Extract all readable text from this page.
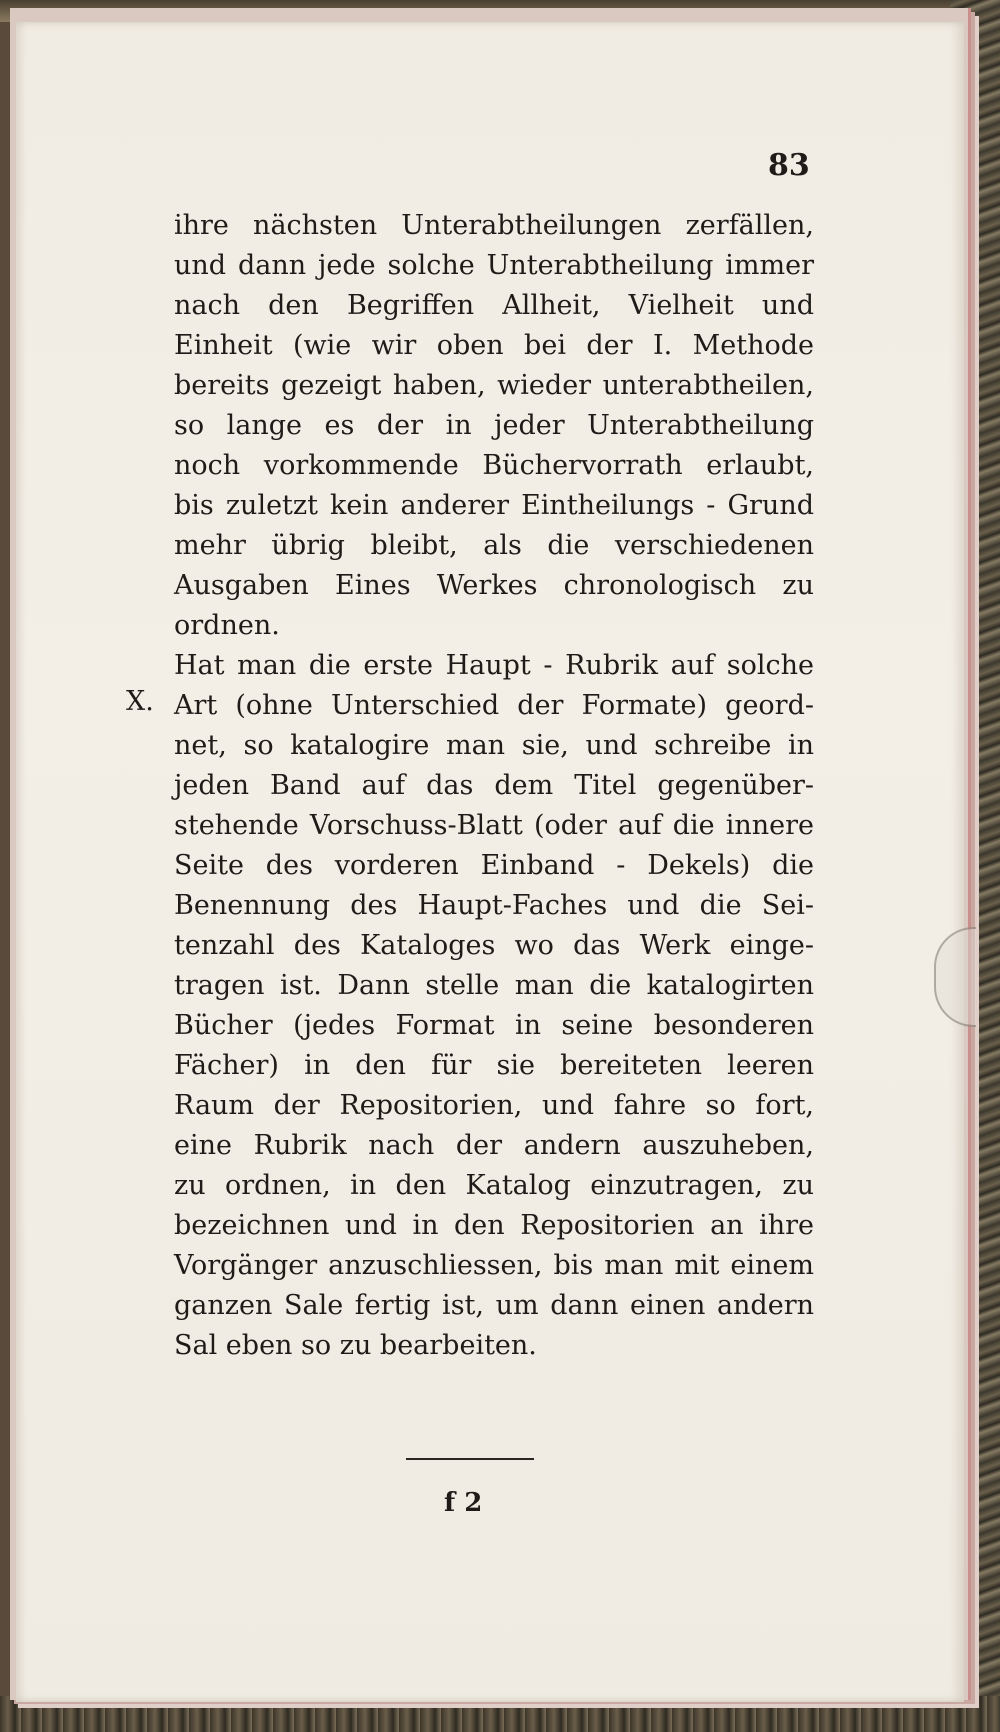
83
X.
ihre nächsten Unterabtheilungen zerfällen,
und dann jede solche Unterabtheilung immer
nach den Begriffen Allheit, Vielheit und
Einheit (wie wir oben bei der I. Methode
bereits gezeigt haben, wieder unterabtheilen,
so lange es der in jeder Unterabtheilung
noch vorkommende Büchervorrath erlaubt,
bis zuletzt kein anderer Eintheilungs - Grund
mehr übrig bleibt, als die verschiedenen
Ausgaben Eines Werkes chronologisch zu
ordnen.
Hat man die erste Haupt - Rubrik auf solche
Art (ohne Unterschied der Formate) geord-
net, so katalogire man sie, und schreibe in
jeden Band auf das dem Titel gegenüber-
stehende Vorschuss-Blatt (oder auf die innere
Seite des vorderen Einband - Dekels) die
Benennung des Haupt-Faches und die Sei-
tenzahl des Kataloges wo das Werk einge-
tragen ist. Dann stelle man die katalogirten
Bücher (jedes Format in seine besonderen
Fächer) in den für sie bereiteten leeren
Raum der Repositorien, und fahre so fort,
eine Rubrik nach der andern auszuheben,
zu ordnen, in den Katalog einzutragen, zu
bezeichnen und in den Repositorien an ihre
Vorgänger anzuschliessen, bis man mit einem
ganzen Sale fertig ist, um dann einen andern
Sal eben so zu bearbeiten.
f 2
